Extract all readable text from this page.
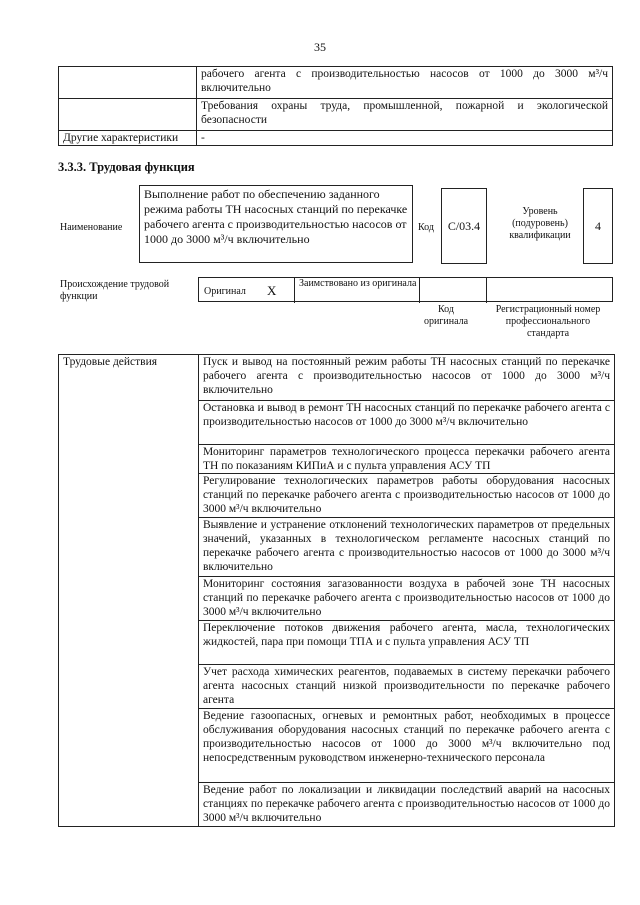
35
	рабочего агента с производительностью насосов от 1000 до 3000 м³/ч включительно
	Требования охраны труда, промышленной, пожарной и экологической безопасности
Другие характеристики	-
3.3.3. Трудовая функция
Наименование
Выполнение работ по обеспечению заданного режима работы ТН насосных станций по перекачке рабочего агента с производительностью насосов от 1000 до 3000 м³/ч включительно
Код	С/03.4
Уровень (подуровень) квалификации
4
Происхождение трудовой функции	Оригинал X Заимствовано из оригинала
Код оригинала
Регистрационный номер профессионального стандарта
Трудовые действия	Пуск и вывод на постоянный режим работы ТН насосных станций по перекачке рабочего агента с производительностью насосов от 1000 до 3000 м³/ч включительно
Остановка и вывод в ремонт ТН насосных станций по перекачке рабочего агента с производительностью насосов от 1000 до 3000 м³/ч включительно
Мониторинг параметров технологического процесса перекачки рабочего агента ТН по показаниям КИПиА и с пульта управления АСУ ТП
Регулирование технологических параметров работы оборудования насосных станций по перекачке рабочего агента с производительностью насосов от 1000 до 3000 м³/ч включительно
Выявление и устранение отклонений технологических параметров от предельных значений, указанных в технологическом регламенте насосных станций по перекачке рабочего агента с производительностью насосов от 1000 до 3000 м³/ч включительно
Мониторинг состояния загазованности воздуха в рабочей зоне ТН насосных станций по перекачке рабочего агента с производительностью насосов от 1000 до 3000 м³/ч включительно
Переключение потоков движения рабочего агента, масла, технологических жидкостей, пара при помощи ТПА и с пульта управления АСУ ТП
Учет расхода химических реагентов, подаваемых в систему перекачки рабочего агента насосных станций низкой производительности по перекачке рабочего агента
Ведение газоопасных, огневых и ремонтных работ, необходимых в процессе обслуживания оборудования насосных станций по перекачке рабочего агента с производительностью насосов от 1000 до 3000 м³/ч включительно под непосредственным руководством инженерно-технического персонала
Ведение работ по локализации и ликвидации последствий аварий на насосных станциях по перекачке рабочего агента с производительностью насосов от 1000 до 3000 м³/ч включительно
